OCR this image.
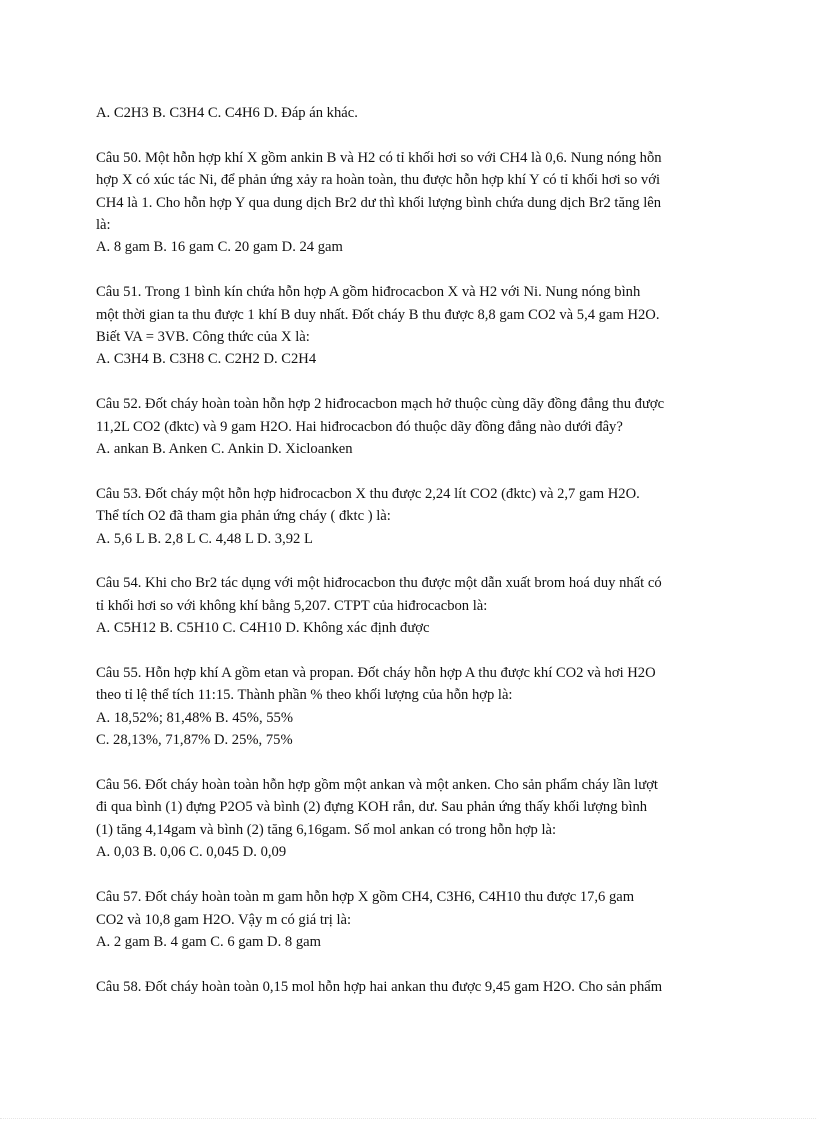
A. C2H3 B. C3H4 C. C4H6 D. Đáp án khác.
Câu 50. Một hỗn hợp khí X gồm ankin B và H2 có tỉ khối hơi so với CH4 là 0,6. Nung nóng hỗn
hợp X có xúc tác Ni, để phản ứng xảy ra hoàn toàn, thu được hỗn hợp khí Y có tỉ khối hơi so với
CH4 là 1. Cho hỗn hợp Y qua dung dịch Br2 dư thì khối lượng bình chứa dung dịch Br2 tăng lên
là:
A. 8 gam B. 16 gam C. 20 gam D. 24 gam
Câu 51. Trong 1 bình kín chứa hỗn hợp A gồm hiđrocacbon X và H2 với Ni. Nung nóng bình
một thời gian ta thu được 1 khí B duy nhất. Đốt cháy B thu được 8,8 gam CO2 và 5,4 gam H2O.
Biết VA = 3VB. Công thức của X là:
A. C3H4 B. C3H8 C. C2H2 D. C2H4
Câu 52. Đốt cháy hoàn toàn hỗn hợp 2 hiđrocacbon mạch hở thuộc cùng dãy đồng đẳng thu được
11,2L CO2 (đktc) và 9 gam H2O. Hai hiđrocacbon đó thuộc dãy đồng đẳng nào dưới đây?
A. ankan B. Anken C. Ankin D. Xicloanken
Câu 53. Đốt cháy một hỗn hợp hiđrocacbon X thu được 2,24 lít CO2 (đktc) và 2,7 gam H2O.
Thể tích O2 đã tham gia phản ứng cháy ( đktc ) là:
A. 5,6 L B. 2,8 L C. 4,48 L D. 3,92 L
Câu 54. Khi cho Br2 tác dụng với một hiđrocacbon thu được một dẫn xuất brom hoá duy nhất có
tỉ khối hơi so với không khí bằng 5,207. CTPT của hiđrocacbon là:
A. C5H12 B. C5H10 C. C4H10 D. Không xác định được
Câu 55. Hỗn hợp khí A gồm etan và propan. Đốt cháy hỗn hợp A thu được khí CO2 và hơi H2O
theo tỉ lệ thể tích 11:15. Thành phần % theo khối lượng của hỗn hợp là:
A. 18,52%; 81,48% B. 45%, 55%
C. 28,13%, 71,87% D. 25%, 75%
Câu 56. Đốt cháy hoàn toàn hỗn hợp gồm một ankan và một anken. Cho sản phẩm cháy lần lượt
đi qua bình (1) đựng P2O5 và bình (2) đựng KOH rắn, dư. Sau phản ứng thấy khối lượng bình
(1) tăng 4,14gam và bình (2) tăng 6,16gam. Số mol ankan có trong hỗn hợp là:
A. 0,03 B. 0,06 C. 0,045 D. 0,09
Câu 57. Đốt cháy hoàn toàn m gam hỗn hợp X gồm CH4, C3H6, C4H10 thu được 17,6 gam
CO2 và 10,8 gam H2O. Vậy m có giá trị là:
A. 2 gam B. 4 gam C. 6 gam D. 8 gam
Câu 58. Đốt cháy hoàn toàn 0,15 mol hỗn hợp hai ankan thu được 9,45 gam H2O. Cho sản phẩm
